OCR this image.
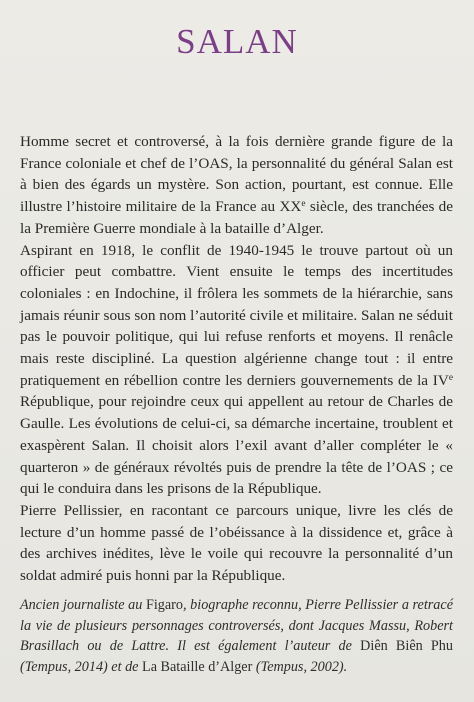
SALAN

Homme secret et controversé, à la fois dernière grande figure de la France coloniale et chef de l’OAS, la personnalité du général Salan est à bien des égards un mystère. Son action, pourtant, est connue. Elle illustre l’histoire militaire de la France au XXe siècle, des tranchées de la Première Guerre mondiale à la bataille d’Alger.

Aspirant en 1918, le conflit de 1940-1945 le trouve partout où un officier peut combattre. Vient ensuite le temps des incertitudes coloniales : en Indochine, il frôlera les sommets de la hiérarchie, sans jamais réunir sous son nom l’autorité civile et militaire. Salan ne séduit pas le pouvoir politique, qui lui refuse renforts et moyens. Il renâcle mais reste discipliné. La question algérienne change tout : il entre pratiquement en rébellion contre les derniers gouvernements de la IVe République, pour rejoindre ceux qui appellent au retour de Charles de Gaulle. Les évolutions de celui-ci, sa démarche incertaine, troublent et exaspèrent Salan. Il choisit alors l’exil avant d’aller compléter le « quarteron » de généraux révoltés puis de prendre la tête de l’OAS ; ce qui le conduira dans les prisons de la République.

Pierre Pellissier, en racontant ce parcours unique, livre les clés de lecture d’un homme passé de l’obéissance à la dissidence et, grâce à des archives inédites, lève le voile qui recouvre la personnalité d’un soldat admiré puis honni par la République.

Ancien journaliste au Figaro, biographe reconnu, Pierre Pellissier a retracé la vie de plusieurs personnages controversés, dont Jacques Massu, Robert Brasillach ou de Lattre. Il est également l’auteur de Diên Biên Phu (Tempus, 2014) et de La Bataille d’Alger (Tempus, 2002).
